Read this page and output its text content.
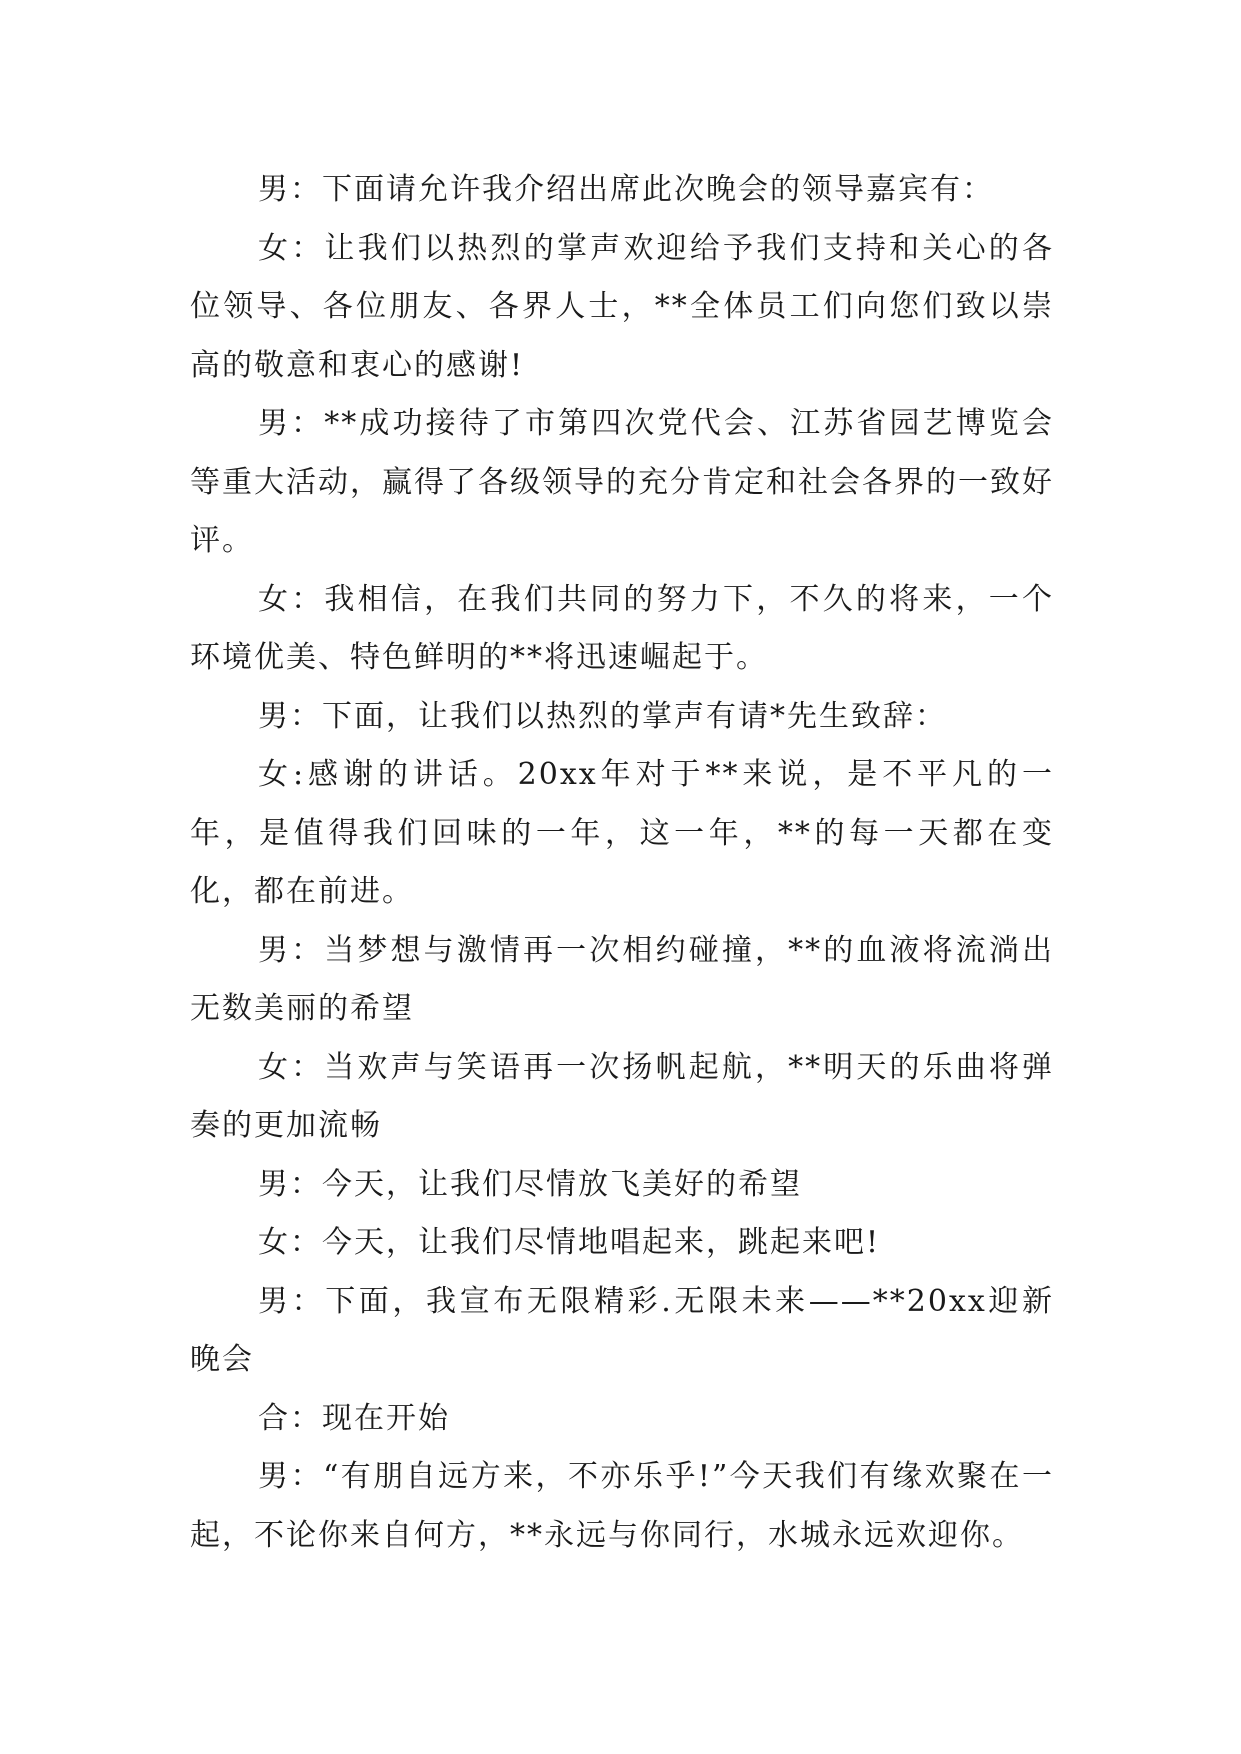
男：下面请允许我介绍出席此次晚会的领导嘉宾有：

女：让我们以热烈的掌声欢迎给予我们支持和关心的各位领导、各位朋友、各界人士，**全体员工们向您们致以崇高的敬意和衷心的感谢!

男：**成功接待了市第四次党代会、江苏省园艺博览会等重大活动，赢得了各级领导的充分肯定和社会各界的一致好评。

女：我相信，在我们共同的努力下，不久的将来，一个环境优美、特色鲜明的**将迅速崛起于。

男：下面，让我们以热烈的掌声有请*先生致辞：

女:感谢的讲话。20xx年对于**来说，是不平凡的一年，是值得我们回味的一年，这一年，**的每一天都在变化，都在前进。

男：当梦想与激情再一次相约碰撞，**的血液将流淌出无数美丽的希望

女：当欢声与笑语再一次扬帆起航，**明天的乐曲将弹奏的更加流畅

男：今天，让我们尽情放飞美好的希望

女：今天，让我们尽情地唱起来，跳起来吧!

男：下面，我宣布无限精彩.无限未来——**20xx迎新晚会

合：现在开始

男：“有朋自远方来，不亦乐乎!”今天我们有缘欢聚在一起，不论你来自何方，**永远与你同行，水城永远欢迎你。
